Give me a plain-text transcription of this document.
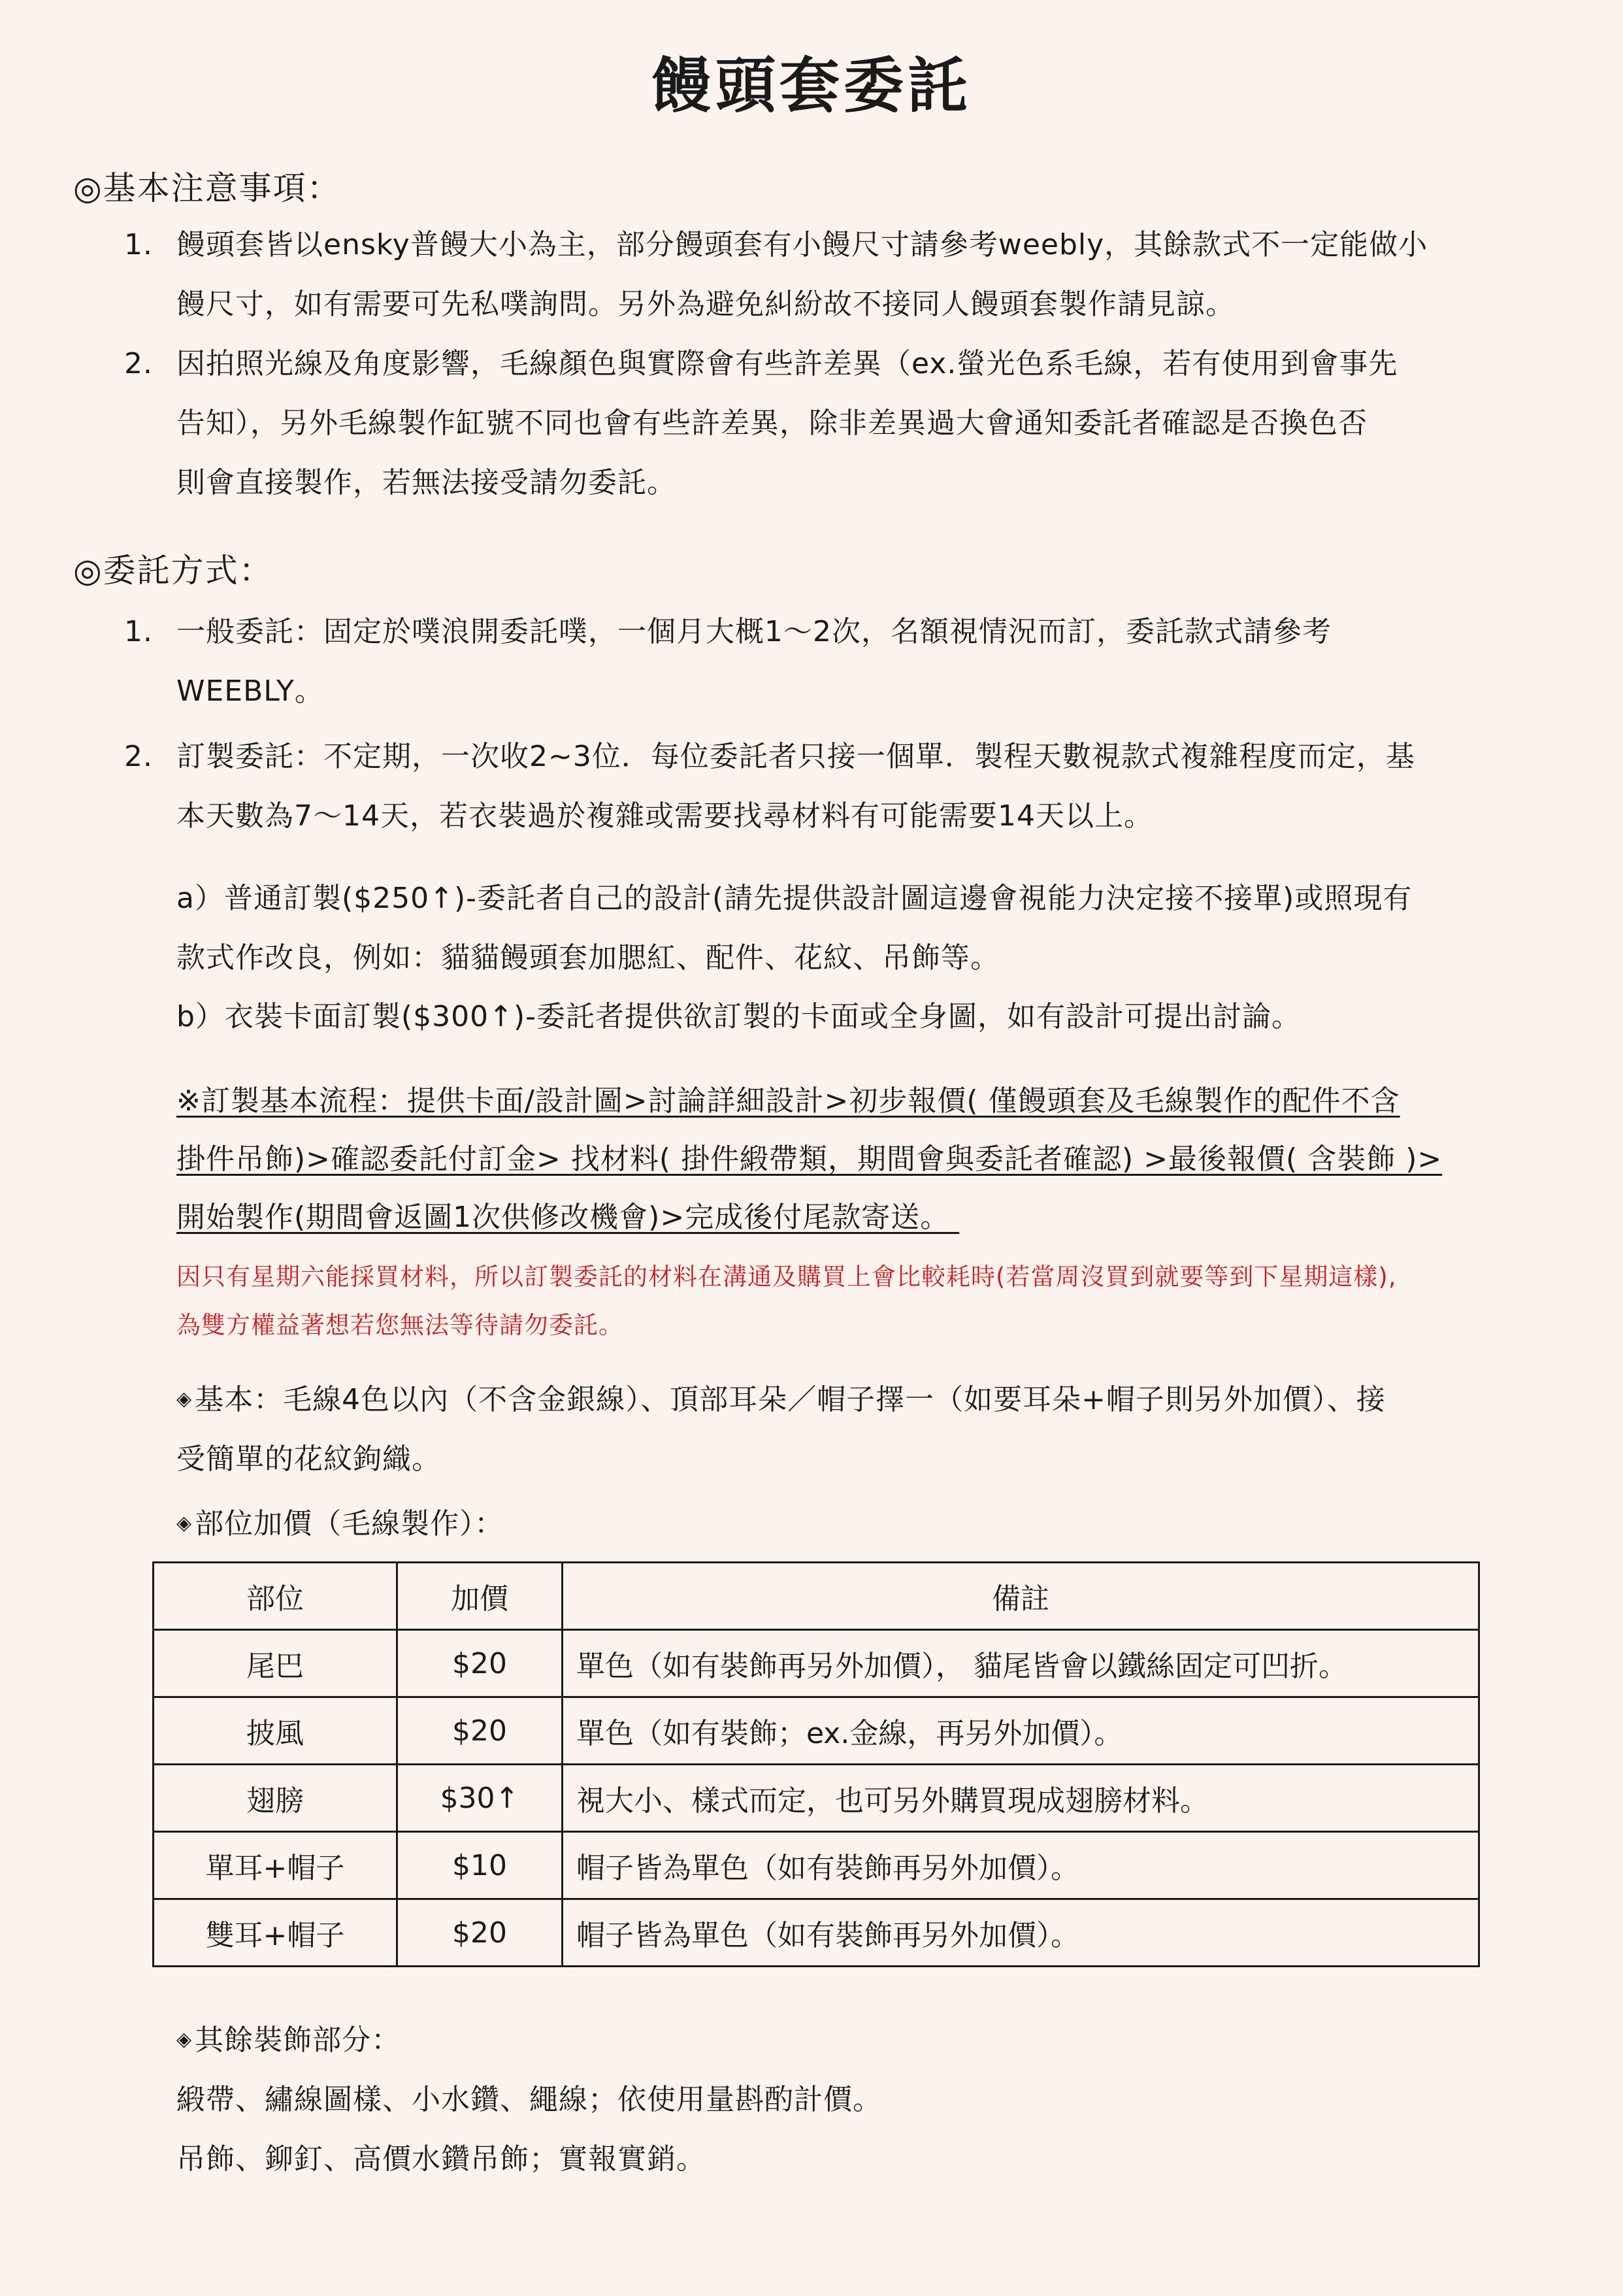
饅頭套委託
◎基本注意事項：
1. 饅頭套皆以ensky普饅大小為主，部分饅頭套有小饅尺寸請參考weebly，其餘款式不一定能做小
饅尺寸，如有需要可先私噗詢問。另外為避免糾紛故不接同人饅頭套製作請見諒。
2. 因拍照光線及角度影響，毛線顏色與實際會有些許差異（ex.螢光色系毛線，若有使用到會事先
告知），另外毛線製作缸號不同也會有些許差異，除非差異過大會通知委託者確認是否換色否
則會直接製作，若無法接受請勿委託。
◎委託方式：
1. 一般委託：固定於噗浪開委託噗，一個月大概1～2次，名額視情況而訂，委託款式請參考
WEEBLY。
2. 訂製委託：不定期，一次收2~3位．每位委託者只接一個單．製程天數視款式複雜程度而定，基
本天數為7～14天，若衣裝過於複雜或需要找尋材料有可能需要14天以上。
a）普通訂製($250↑)-委託者自己的設計(請先提供設計圖這邊會視能力決定接不接單)或照現有
款式作改良，例如：貓貓饅頭套加腮紅、配件、花紋、吊飾等。
b）衣裝卡面訂製($300↑)-委託者提供欲訂製的卡面或全身圖，如有設計可提出討論。
※訂製基本流程：提供卡面/設計圖>討論詳細設計>初步報價( 僅饅頭套及毛線製作的配件不含
掛件吊飾)>確認委託付訂金> 找材料( 掛件緞帶類，期間會與委託者確認) >最後報價( 含裝飾 )>
開始製作(期間會返圖1次供修改機會)>完成後付尾款寄送。
因只有星期六能採買材料，所以訂製委託的材料在溝通及購買上會比較耗時(若當周沒買到就要等到下星期這樣),
為雙方權益著想若您無法等待請勿委託。
◈基本：毛線4色以內（不含金銀線）、頂部耳朵／帽子擇一（如要耳朵+帽子則另外加價）、接
受簡單的花紋鉤織。
◈部位加價（毛線製作）：
部位	加價	備註
尾巴	$20	單色（如有裝飾再另外加價）， 貓尾皆會以鐵絲固定可凹折。
披風	$20	單色（如有裝飾；ex.金線，再另外加價）。
翅膀	$30↑	視大小、樣式而定，也可另外購買現成翅膀材料。
單耳+帽子	$10	帽子皆為單色（如有裝飾再另外加價）。
雙耳+帽子	$20	帽子皆為單色（如有裝飾再另外加價）。
◈其餘裝飾部分：
緞帶、繡線圖樣、小水鑽、繩線；依使用量斟酌計價。
吊飾、鉚釘、高價水鑽吊飾；實報實銷。
